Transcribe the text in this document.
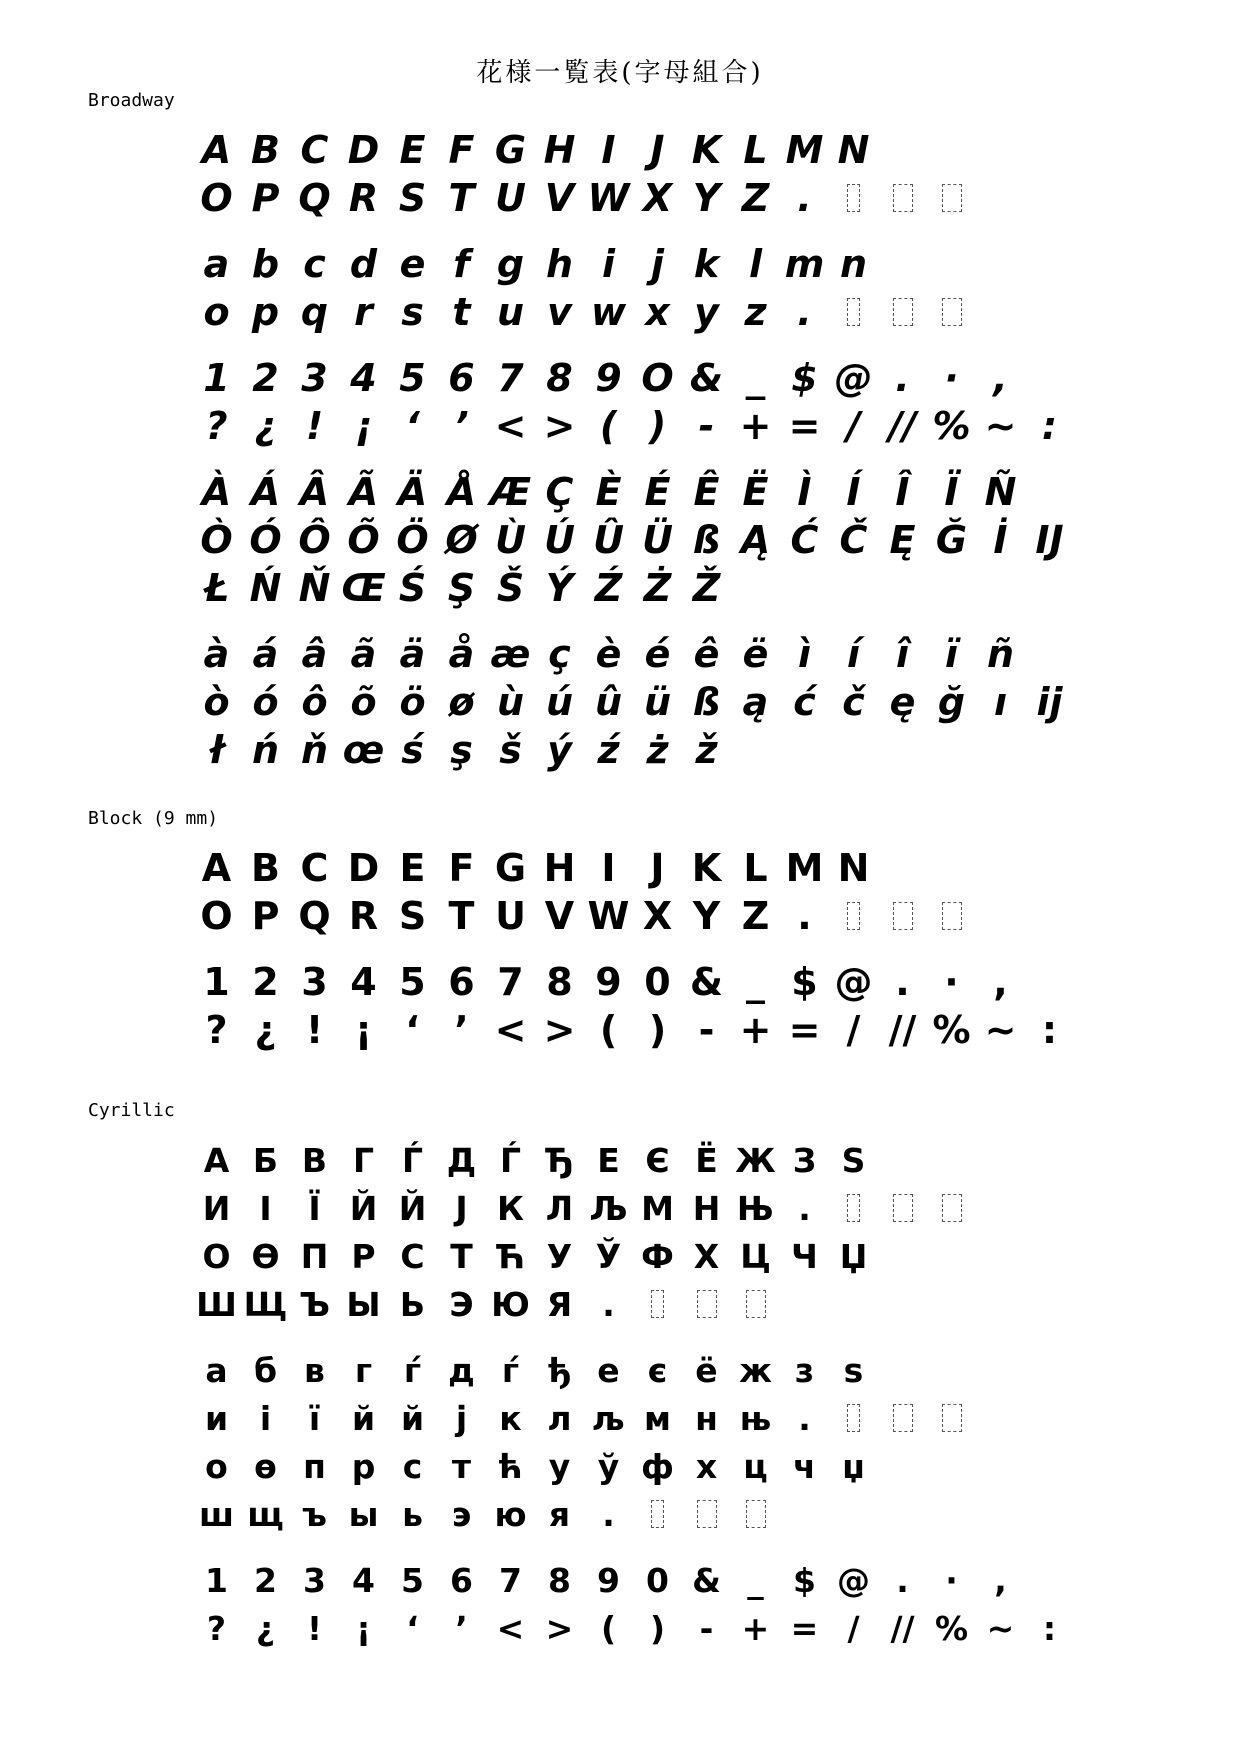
花様一覧表(字母組合)
Broadway
A B C D E F G H I J K L M N
O P Q R S T U V W X Y Z .
a b c d e f g h i j k l m n
o p q r s t u v w x y z .
1 2 3 4 5 6 7 8 9 O & _ $ @ . · ,
? ¿ ! ¡ ‘ ’ < > ( ) - + = / // % ~ :
À Á Â Ã Ä Å Æ Ç È É Ê Ë Ì Í Î Ï Ñ
Ò Ó Ô Õ Ö Ø Ù Ú Û Ü ß Ą Ć Č Ę Ğ İ IJ
Ł Ń Ň Œ Ś Ş Š Ý Ź Ż Ž
à á â ã ä å æ ç è é ê ë ì í î ï ñ
ò ó ô õ ö ø ù ú û ü ß ą ć č ę ğ ı ij
ł ń ň œ ś ş š ý ź ż ž
Block (9 mm)
A B C D E F G H I J K L M N
O P Q R S T U V W X Y Z .
1 2 3 4 5 6 7 8 9 0 & _ $ @ . · ,
? ¿ ! ¡ ‘ ’ < > ( ) - + = / // % ~ :
Cyrillic
А Б В Г Ѓ Д Ѓ Ђ Е Є Ё Ж З Ѕ
И І	Ї Й Й Ј К Л Љ М Н Њ .
О Ө П Р С Т Ћ У Ў Ф Х Ц Ч Џ
Ш Щ Ъ Ы Ь Э Ю Я .
а б в г ѓ д ѓ ђ е є ё ж з ѕ
и і	ї й й ј к л љ м н њ .
о ө п р с т ћ у ў ф х ц ч џ
ш щ ъ ы ь э ю я .
1 2 3 4 5 6 7 8 9 0 & _ $ @ .	·	,
? ¿ !	¡	‘	’ < > (	)	- + = / // % ~ :
